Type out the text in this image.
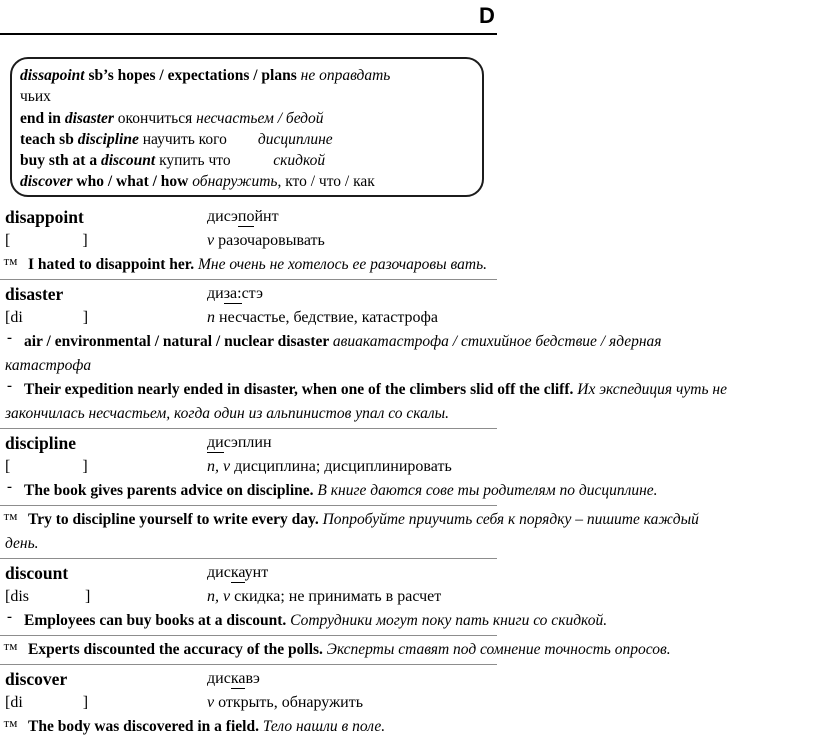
D
dissapoint sb’s hopes / expectations / plans не оправдать
чьих
end in disaster окончиться несчастьем / бедой
teach sb discipline научить кого дисциплине
buy sth at a discount купить что	скидкой
discover who / what / how обнаружить, кто / что / как
disappoint	дисэпойнт
[                  ]	v разочаровывать
™ I hated to disappoint her. Мне очень не хотелось ее разочаровы вать.
disaster	диза:стэ
[di               ]	n несчастье, бедствие, катастрофа
- air / environmental / natural / nuclear disaster авиакатастрофа / стихийное бедствие / ядерная
катастрофа
- Their expedition nearly ended in disaster, when one of the climbers slid off the cliff. Их экспедиция чуть не
закончилась несчастьем, когда один из альпинистов упал со скалы.
discipline	дисэплин
[                  ]	n, v дисциплина; дисциплинировать
- The book gives parents advice on discipline. В книге даются сове ты родителям по дисциплине.
™ Try to discipline yourself to write every day. Попробуйте приучить себя к порядку – пишите каждый
день.
discount	дискаунт
[dis              ]	n, v скидка; не принимать в расчет
- Employees can buy books at a discount. Сотрудники могут поку пать книги со скидкой.
™ Experts discounted the accuracy of the polls. Эксперты ставят под сомнение точность опросов.
discover	дискавэ
[di               ]	v открыть, обнаружить
™ The body was discovered in a field. Тело нашли в поле.
